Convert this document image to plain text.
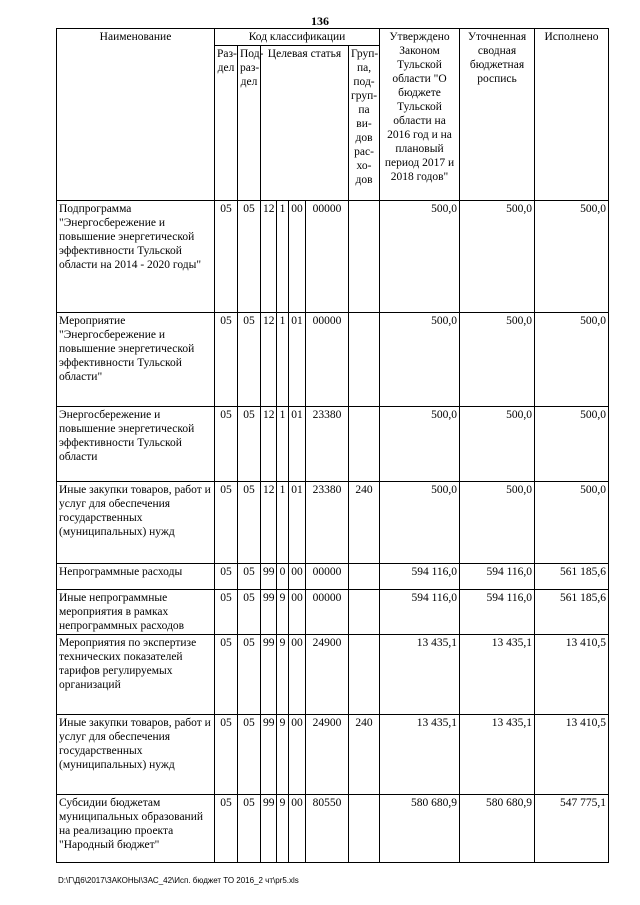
136
Наименование	Код классификации							Утверждено Законом Тульской области "О бюджете Тульской области на 2016 год и на плановый период 2017 и 2018 годов"	Уточненная сводная бюджетная роспись	Исполнено
	Раз-дел	Под-раз-дел	Целевая статья				Груп-па, под-груп-па ви-дов рас-хо-дов			
Подпрограмма "Энергосбережение и повышение энергетической эффективности Тульской области на 2014 - 2020 годы"	05	05	12	1	00	00000		500,0	500,0	500,0
Мероприятие "Энергосбережение и повышение энергетической эффективности Тульской области"	05	05	12	1	01	00000		500,0	500,0	500,0
Энергосбережение и повышение энергетической эффективности Тульской области	05	05	12	1	01	23380		500,0	500,0	500,0
Иные закупки товаров, работ и услуг для обеспечения государственных (муниципальных) нужд	05	05	12	1	01	23380	240	500,0	500,0	500,0
Непрограммные расходы	05	05	99	0	00	00000		594 116,0	594 116,0	561 185,6
Иные непрограммные мероприятия в рамках непрограммных расходов	05	05	99	9	00	00000		594 116,0	594 116,0	561 185,6
Мероприятия по экспертизе технических показателей тарифов регулируемых организаций	05	05	99	9	00	24900		13 435,1	13 435,1	13 410,5
Иные закупки товаров, работ и услуг для обеспечения государственных (муниципальных) нужд	05	05	99	9	00	24900	240	13 435,1	13 435,1	13 410,5
Субсидии бюджетам муниципальных образований на реализацию проекта "Народный бюджет"	05	05	99	9	00	80550		580 680,9	580 680,9	547 775,1
D:\Г\Д6\2017\ЗАКОНЫ\ЗАС_42\Исп. бюджет ТО 2016_2 чт\pr5.xls
